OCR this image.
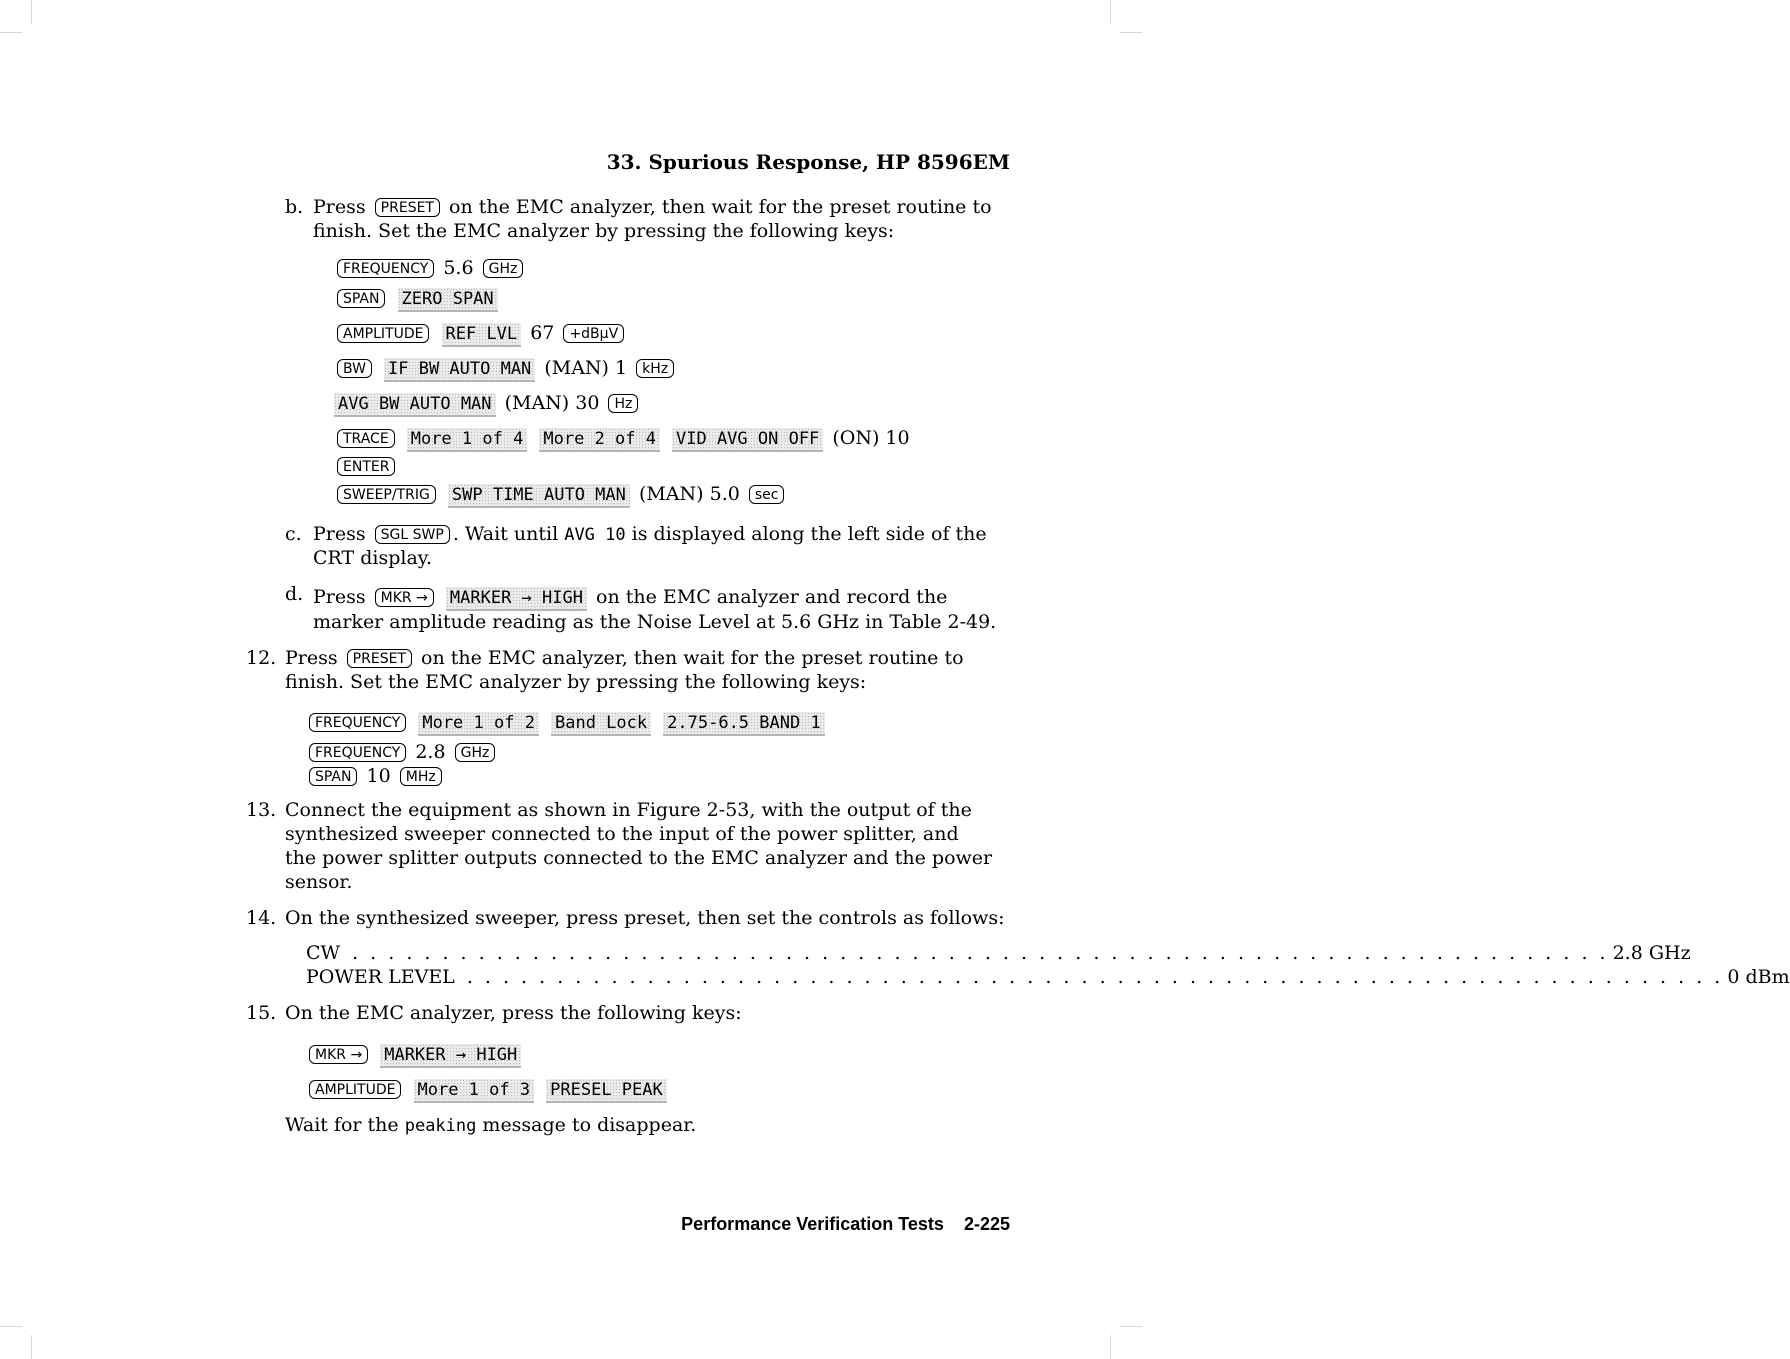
33. Spurious Response, HP 8596EM
b. Press PRESET on the EMC analyzer, then wait for the preset routine to
finish. Set the EMC analyzer by pressing the following keys:
FREQUENCY 5.6 GHz
SPAN ZERO SPAN
AMPLITUDE REF LVL 67 +dBμV
BW IF BW AUTO MAN (MAN) 1 kHz
AVG BW AUTO MAN (MAN) 30 Hz
TRACE More 1 of 4 More 2 of 4 VID AVG ON OFF (ON) 10
ENTER
SWEEP/TRIG SWP TIME AUTO MAN (MAN) 5.0 sec
c. Press SGL SWP . Wait until AVG 10 is displayed along the left side of the
CRT display.
d. Press MKR → MARKER → HIGH on the EMC analyzer and record the
marker amplitude reading as the Noise Level at 5.6 GHz in Table 2-49.
12. Press PRESET on the EMC analyzer, then wait for the preset routine to
finish. Set the EMC analyzer by pressing the following keys:
FREQUENCY More 1 of 2 Band Lock 2.75-6.5 BAND 1
FREQUENCY 2.8 GHz
SPAN 10 MHz
13. Connect the equipment as shown in Figure 2-53, with the output of the
synthesized sweeper connected to the input of the power splitter, and
the power splitter outputs connected to the EMC analyzer and the power
sensor.
14. On the synthesized sweeper, press preset, then set the controls as follows:
CW . . . . . . . . . . . . . . . . . . . . . . . . . . . . . . . . . . . . . . . . . . . . . . . . . . . . . . . . . . . . . . . . . . . . . . 2.8 GHz
POWER LEVEL . . . . . . . . . . . . . . . . . . . . . . . . . . . . . . . . . . . . . . . . . . . . . . . . . . . . . . . . . . . . . . . . . . . . . . 0 dBm
15. On the EMC analyzer, press the following keys:
MKR → MARKER → HIGH
AMPLITUDE More 1 of 3 PRESEL PEAK
Wait for the peaking message to disappear.
Performance Verification Tests 2-225
